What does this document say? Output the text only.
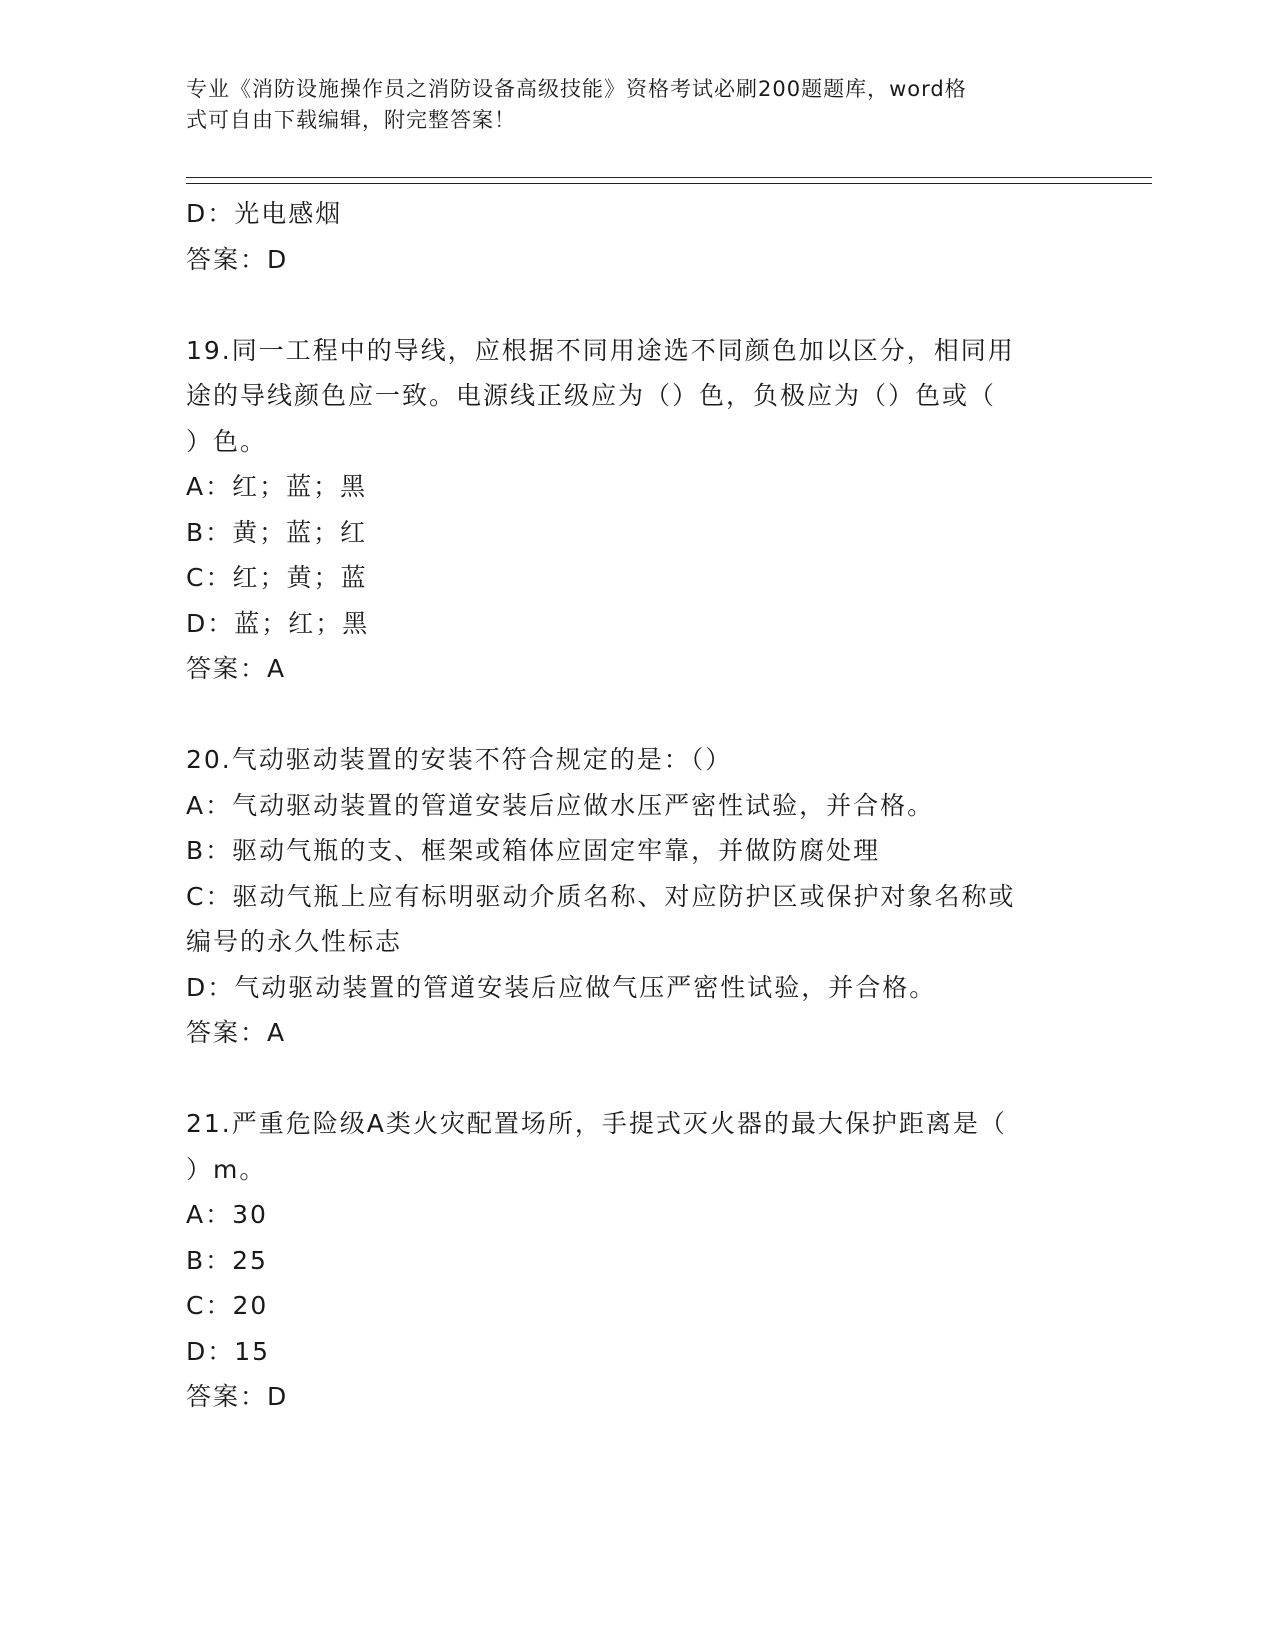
专业《消防设施操作员之消防设备高级技能》资格考试必刷200题题库，word格
式可自由下载编辑，附完整答案！
D：光电感烟
答案：D
19.同一工程中的导线，应根据不同用途选不同颜色加以区分，相同用
途的导线颜色应一致。电源线正级应为（）色，负极应为（）色或（
）色。
A：红；蓝；黑
B：黄；蓝；红
C：红；黄；蓝
D：蓝；红；黑
答案：A
20.气动驱动装置的安装不符合规定的是：（）
A：气动驱动装置的管道安装后应做水压严密性试验，并合格。
B：驱动气瓶的支、框架或箱体应固定牢靠，并做防腐处理
C：驱动气瓶上应有标明驱动介质名称、对应防护区或保护对象名称或
编号的永久性标志
D：气动驱动装置的管道安装后应做气压严密性试验，并合格。
答案：A
21.严重危险级A类火灾配置场所，手提式灭火器的最大保护距离是（
）m。
A：30
B：25
C：20
D：15
答案：D
